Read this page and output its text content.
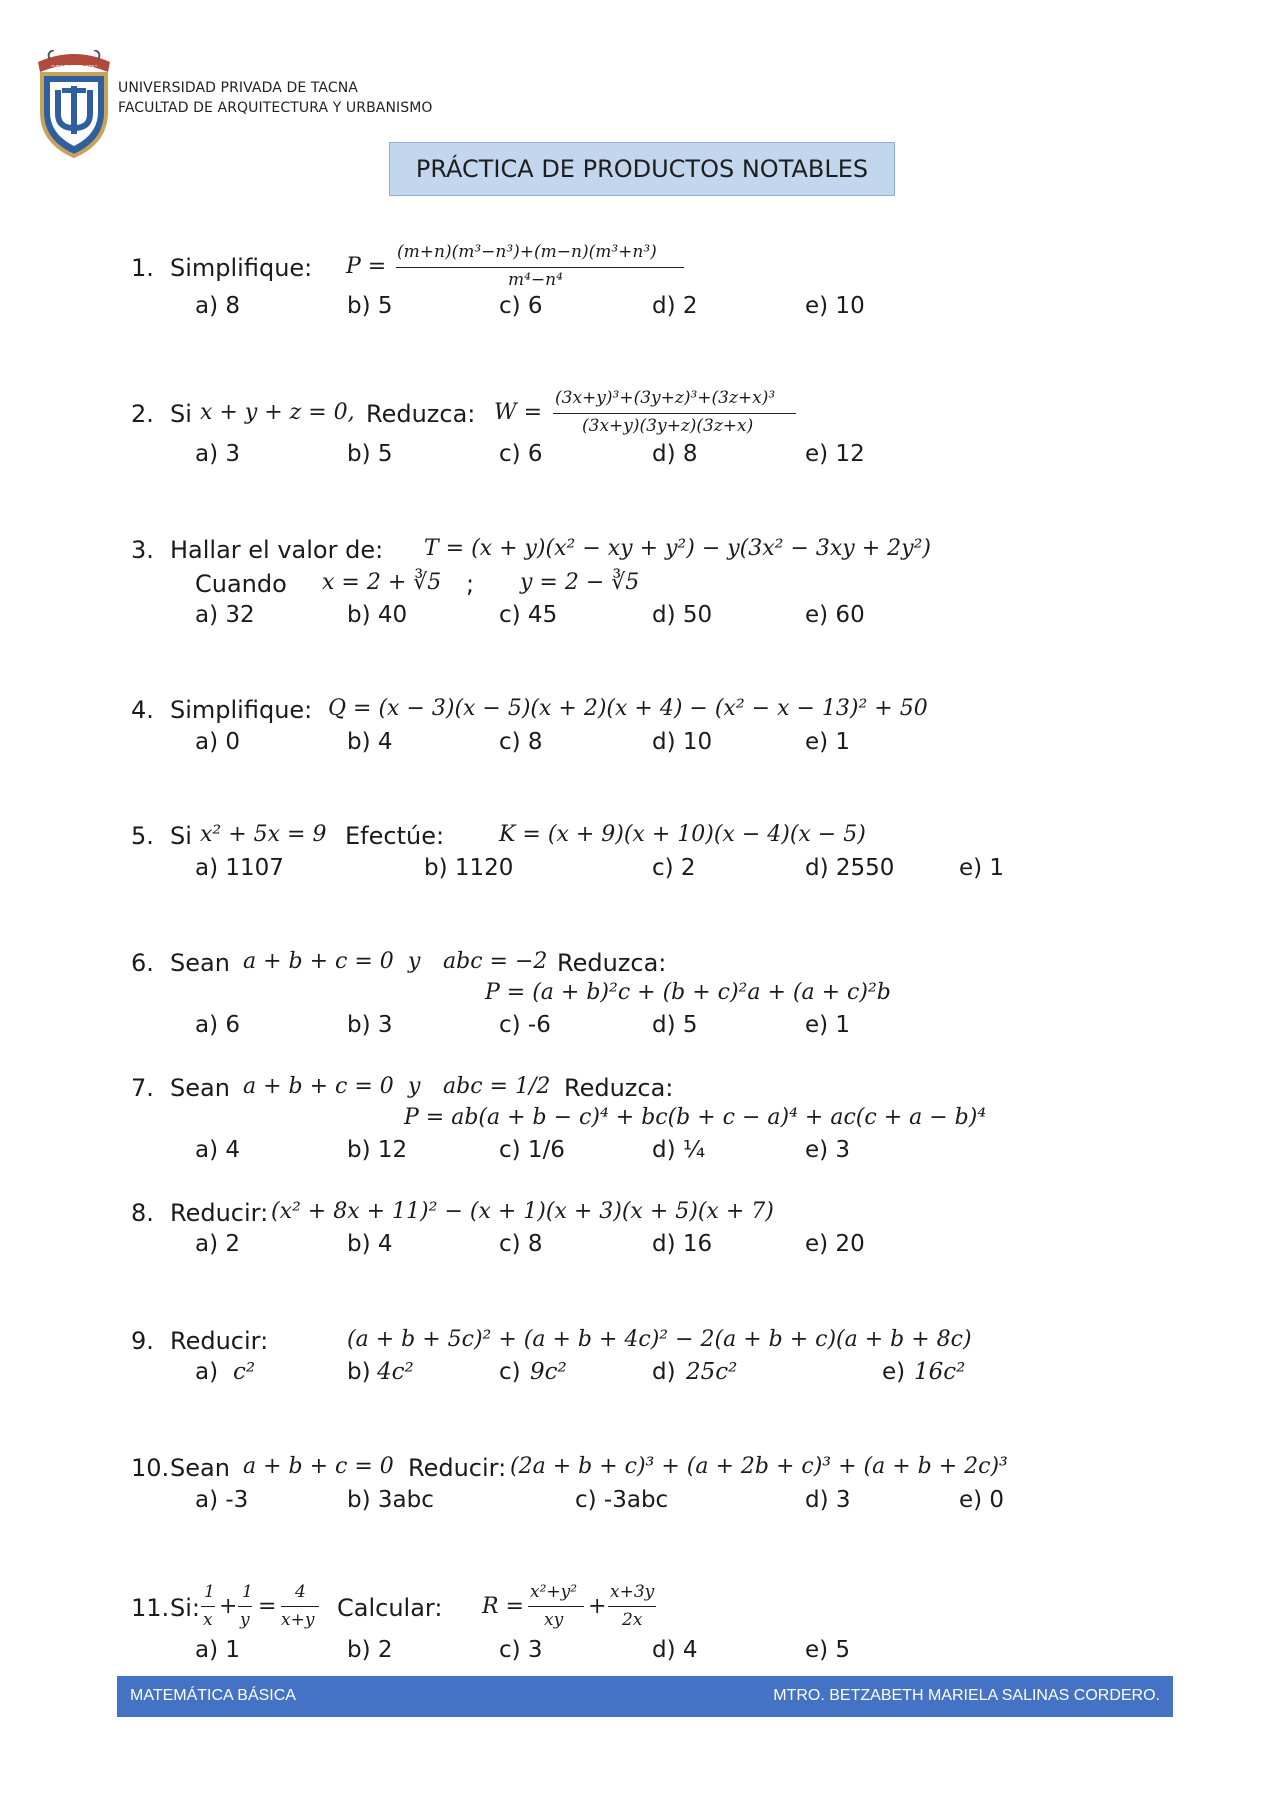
"VERITAS ET VITA"
UNIVERSIDAD PRIVADA DE TACNA
FACULTAD DE ARQUITECTURA Y URBANISMO
PRÁCTICA DE PRODUCTOS NOTABLES
1. Simplifique: P =
(m+n)(m³−n³)+(m−n)(m³+n³)
m⁴−n⁴
a) 8	b) 5	c) 6	d) 2	e) 10
2. Si x + y + z = 0, Reduzca: W =
(3x+y)³+(3y+z)³+(3z+x)³
(3x+y)(3y+z)(3z+x)
a) 3	b) 5	c) 6	d) 8	e) 12
3. Hallar el valor de: T = (x + y)(x² − xy + y²) − y(3x² − 3xy + 2y²)
Cuando x = 2 + ∛5 ; y = 2 − ∛5
a) 32	b) 40	c) 45	d) 50	e) 60
4. Simplifique: Q = (x − 3)(x − 5)(x + 2)(x + 4) − (x² − x − 13)² + 50
a) 0	b) 4	c) 8	d) 10	e) 1
5. Si x² + 5x = 9 Efectúe: K = (x + 9)(x + 10)(x − 4)(x − 5)
a) 1107	b) 1120	c) 2	d) 2550	e) 1
6. Sean a + b + c = 0 y abc = −2 Reduzca:
P = (a + b)²c + (b + c)²a + (a + c)²b
a) 6	b) 3	c) -6	d) 5	e) 1
7. Sean a + b + c = 0 y abc = 1/2 Reduzca:
P = ab(a + b − c)⁴ + bc(b + c − a)⁴ + ac(c + a − b)⁴
a) 4	b) 12	c) 1/6	d) ¼	e) 3
8. Reducir: (x² + 8x + 11)² − (x + 1)(x + 3)(x + 5)(x + 7)
a) 2	b) 4	c) 8	d) 16	e) 20
9. Reducir:	(a + b + 5c)² + (a + b + 4c)² − 2(a + b + c)(a + b + 8c)
a) c²	b) 4c²	c) 9c²	d) 25c²	e) 16c²
10. Sean a + b + c = 0 Reducir: (2a + b + c)³ + (a + 2b + c)³ + (a + b + 2c)³
a) -3	b) 3abc	c) -3abc	d) 3	e) 0
11. Si:
1
x
+
1
y
=
4
x+y Calcular: R =
x²+y²
xy
+
x+3y
2x
a) 1	b) 2	c) 3	d) 4	e) 5
MATEMÁTICA BÁSICA	MTRO. BETZABETH MARIELA SALINAS CORDERO.
